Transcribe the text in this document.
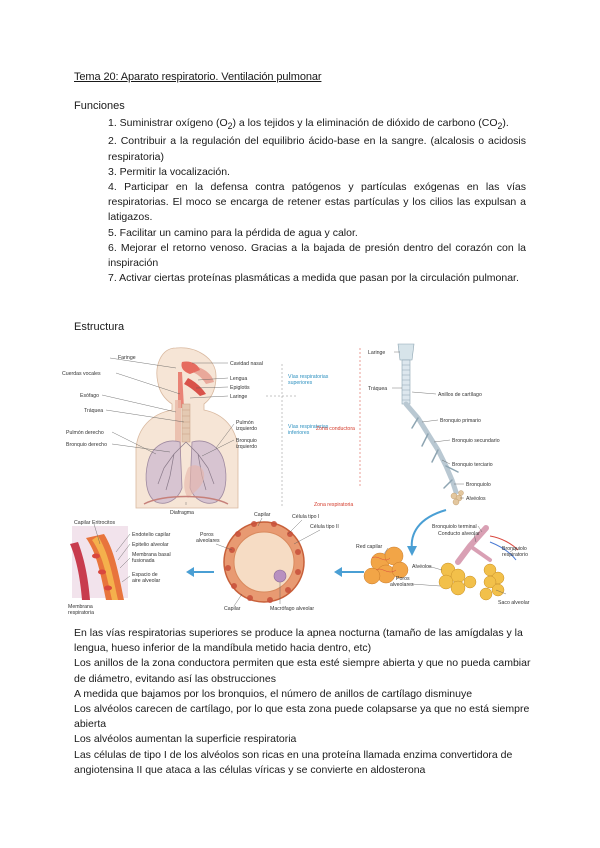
Tema 20: Aparato respiratorio. Ventilación pulmonar
Funciones

1. Suministrar oxígeno $(O_2)$ a los tejidos y la eliminación de dióxido de carbono $(CO_2)$.

2. Contribuir a la regulación del equilibrio ácido-base en la sangre. (alcalosis o acidosis respiratoria)

3. Permitir la vocalización.

4. Participar en la defensa contra patógenos y partículas exógenas en las vías respiratorias. El moco se encarga de retener estas partículas y los cilios las expulsan a latigazos.

5. Facilitar un camino para la pérdida de agua y calor.

6. Mejorar el retorno venoso. Gracias a la bajada de presión dentro del corazón con la inspiración

7. Activar ciertas proteínas plasmáticas a medida que pasan por la circulación pulmonar.

Estructura
Faringe
Cuerdas vocales
Esófago
Tráquea
Pulmón derecho
Bronquio derecho
Cavidad nasal
Lengua
Epiglotis
Laringe
Pulmón izquierdo
Bronquio izquierdo
Diafragma
Vías respiratorias superiores
Vías respiratorias inferiores
Laringe
Tráquea
Anillos de cartílago
Bronquio primario
Bronquio secundario
Bronquio terciario
Bronquiolo
Alvéolos
Zona conductora
Zona respiratoria
Capilar Eritrocitos
Endotelio capilar
Epitelio alveolar
Membrana basal fusionada
Espacio de aire alveolar
Membrana respiratoria
Capilar	Célula tipo I
Célula tipo II
Poros alveolares
Capilar	Macrófago alveolar
Bronquiolo terminal
Conducto alveolar
Bronquiolo respiratorio
Red capilar
Alvéolos
Poros alveolares
Saco alveolar

En las vías respiratorias superiores se produce la apnea nocturna (tamaño de las amígdalas y la lengua, hueso inferior de la mandíbula metido hacia dentro, etc)

Los anillos de la zona conductora permiten que esta esté siempre abierta y que no pueda cambiar de diámetro, evitando así las obstrucciones

A medida que bajamos por los bronquios, el número de anillos de cartílago disminuye

Los alvéolos carecen de cartílago, por lo que esta zona puede colapsarse ya que no está siempre abierta

Los alvéolos aumentan la superficie respiratoria

Las células de tipo I de los alvéolos son ricas en una proteína llamada enzima convertidora de angiotensina II que ataca a las células víricas y se convierte en aldosterona
